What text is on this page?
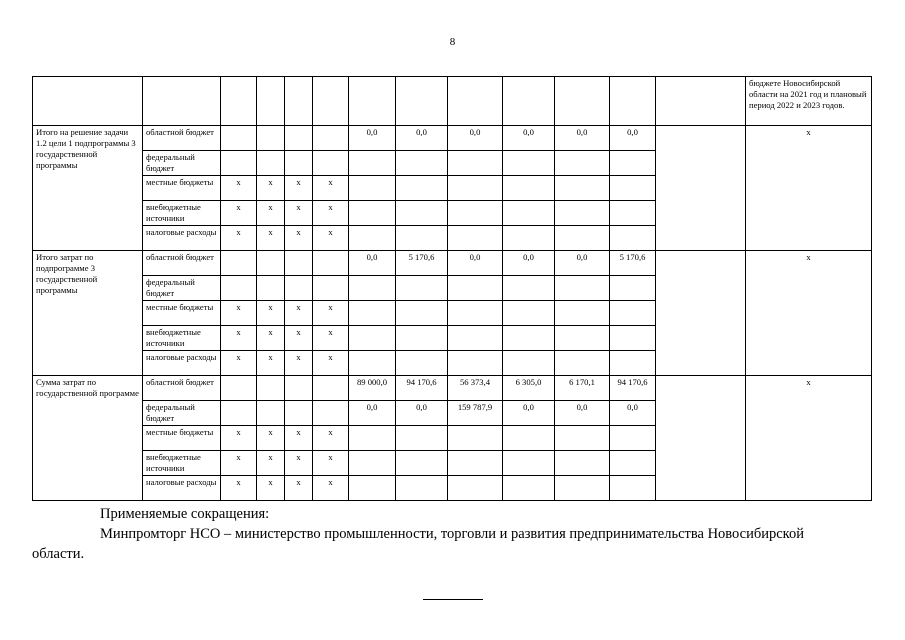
8
													бюджете Новосибирской области на 2021 год и плановый период 2022 и 2023 годов.
Итого на решение задачи 1.2 цели 1 подпрограммы 3 государственной программы	областной бюджет					0,0	0,0	0,0	0,0	0,0	0,0		x
	федеральный бюджет												
	местные бюджеты	x	x	x	x								
	внебюджетные источники	x	x	x	x								
	налоговые расходы	x	x	x	x								
Итого затрат по подпрограмме 3 государственной программы	областной бюджет					0,0	5 170,6	0,0	0,0	0,0	5 170,6		x
	федеральный бюджет												
	местные бюджеты	x	x	x	x								
	внебюджетные источники	x	x	x	x								
	налоговые расходы	x	x	x	x								
Сумма затрат по государственной программе	областной бюджет					89 000,0	94 170,6	56 373,4	6 305,0	6 170,1	94 170,6		x
	федеральный бюджет					0,0	0,0	159 787,9	0,0	0,0	0,0		
	местные бюджеты	x	x	x	x								
	внебюджетные источники	x	x	x	x								
	налоговые расходы	x	x	x	x								

Применяемые сокращения:

Минпромторг НСО – министерство промышленности, торговли и развития предпринимательства Новосибирской

области.
